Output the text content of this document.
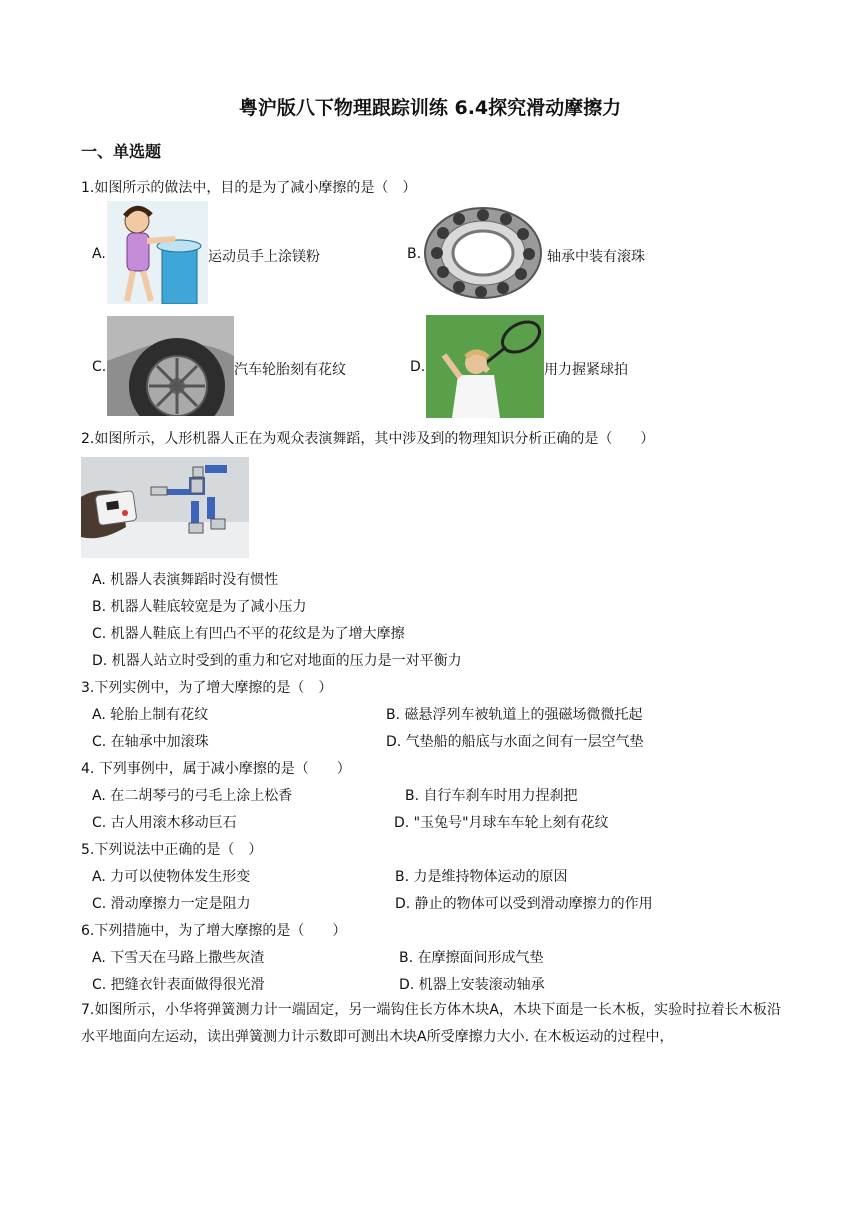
粤沪版八下物理跟踪训练 6.4探究滑动摩擦力
一、单选题
1.如图所示的做法中，目的是为了减小摩擦的是（　）
A.	运动员手上涂镁粉	B.	轴承中装有滚珠
C.	汽车轮胎刻有花纹	D.	用力握紧球拍
2.如图所示，人形机器人正在为观众表演舞蹈，其中涉及到的物理知识分析正确的是（　　）
A. 机器人表演舞蹈时没有惯性
B. 机器人鞋底较宽是为了减小压力
C. 机器人鞋底上有凹凸不平的花纹是为了增大摩擦
D. 机器人站立时受到的重力和它对地面的压力是一对平衡力
3.下列实例中，为了增大摩擦的是（　）
A. 轮胎上制有花纹	B. 磁悬浮列车被轨道上的强磁场微微托起
C. 在轴承中加滚珠	D. 气垫船的船底与水面之间有一层空气垫
4. 下列事例中，属于减小摩擦的是（　　）
A. 在二胡琴弓的弓毛上涂上松香	B. 自行车刹车时用力捏刹把
C. 古人用滚木移动巨石	D. "玉兔号"月球车车轮上刻有花纹
5.下列说法中正确的是（　）
A. 力可以使物体发生形变	B. 力是维持物体运动的原因
C. 滑动摩擦力一定是阻力	D. 静止的物体可以受到滑动摩擦力的作用
6.下列措施中，为了增大摩擦的是（　　）
A. 下雪天在马路上撒些灰渣	B. 在摩擦面间形成气垫
C. 把缝衣针表面做得很光滑	D. 机器上安装滚动轴承
7.如图所示，小华将弹簧测力计一端固定，另一端钩住长方体木块A，木块下面是一长木板，实验时拉着长木板沿水平地面向左运动，读出弹簧测力计示数即可测出木块A所受摩擦力大小. 在木板运动的过程中，
